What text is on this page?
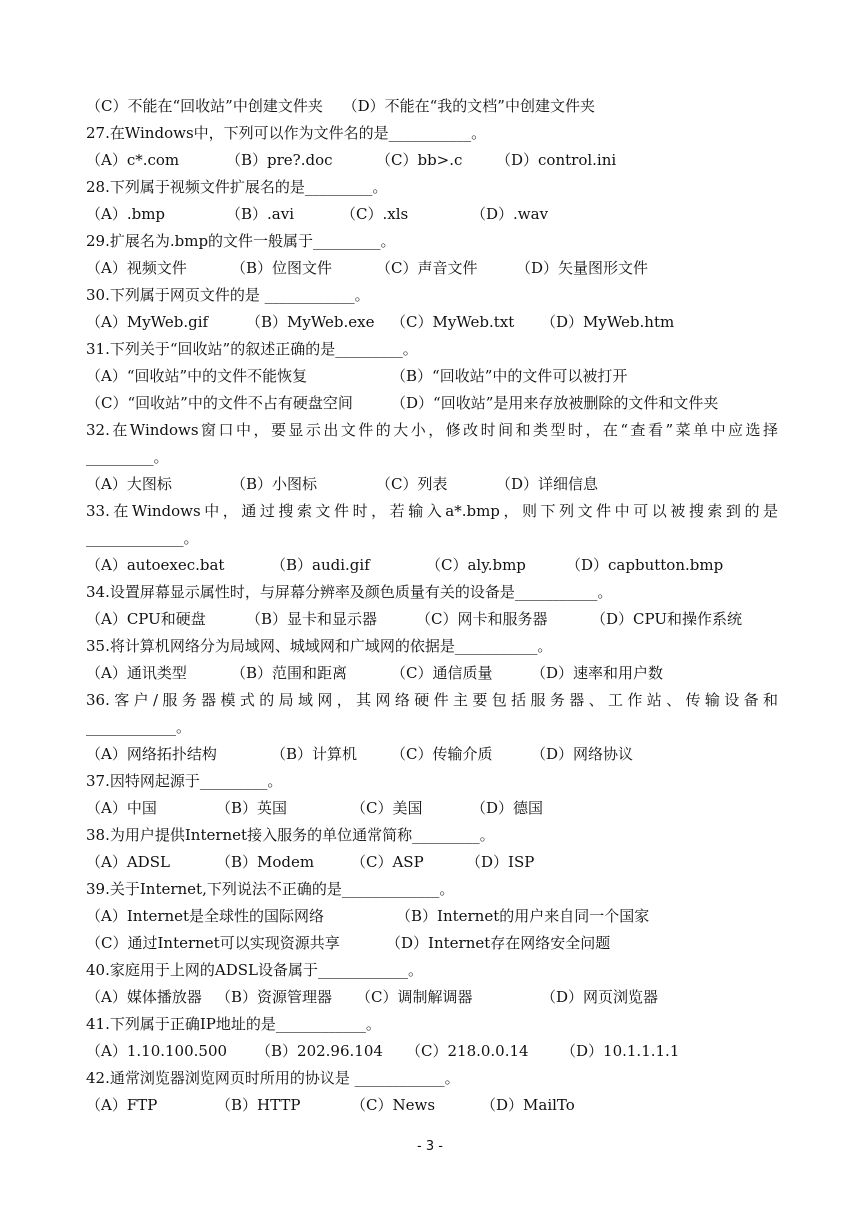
（C）不能在“回收站”中创建文件夹　 （D）不能在“我的文档”中创建文件夹
27.在Windows中，下列可以作为文件名的是___________。
（A）c*.com	（B）pre?.doc	（C）bb>.c （D）control.ini
28.下列属于视频文件扩展名的是_________。
（A）.bmp	（B）.avi	（C）.xls	（D）.wav
29.扩展名为.bmp的文件一般属于_________。
（A）视频文件	（B）位图文件	（C）声音文件	（D）矢量图形文件
30.下列属于网页文件的是 ____________。
（A）MyWeb.gif	（B）MyWeb.exe （C）MyWeb.txt （D）MyWeb.htm
31.下列关于“回收站”的叙述正确的是_________。
（A）“回收站”中的文件不能恢复	（B）“回收站”中的文件可以被打开
（C）“回收站”中的文件不占有硬盘空间	（D）“回收站”是用来存放被删除的文件和文件夹
32.在Windows窗口中，要显示出文件的大小，修改时间和类型时，在“查看”菜单中应选择
_________。
（A）大图标	（B）小图标	（C）列表	（D）详细信息
33.在Windows中，通过搜索文件时，若输入a*.bmp，则下列文件中可以被搜索到的是
_____________。
（A）autoexec.bat	（B）audi.gif	（C）aly.bmp	（D）capbutton.bmp
34.设置屏幕显示属性时，与屏幕分辨率及颜色质量有关的设备是___________。
（A）CPU和硬盘	（B）显卡和显示器	（C）网卡和服务器	（D）CPU和操作系统
35.将计算机网络分为局域网、城域网和广域网的依据是___________。
（A）通讯类型	（B）范围和距离	（C）通信质量	（D）速率和用户数
36.客户/服务器模式的局域网，其网络硬件主要包括服务器、工作站、传输设备和
____________。
（A）网络拓扑结构	（B）计算机 （C）传输介质	（D）网络协议
37.因特网起源于_________。
（A）中国	（B）英国	（C）美国	（D）德国
38.为用户提供Internet接入服务的单位通常简称_________。
（A）ADSL	（B）Modem （C）ASP	（D）ISP
39.关于Internet,下列说法不正确的是_____________。
（A）Internet是全球性的国际网络	（B）Internet的用户来自同一个国家
（C）通过Internet可以实现资源共享	（D）Internet存在网络安全问题
40.家庭用于上网的ADSL设备属于____________。
（A）媒体播放器 （B）资源管理器 （C）调制解调器	（D）网页浏览器
41.下列属于正确IP地址的是____________。
（A）1.10.100.500 （B）202.96.104 （C）218.0.0.14 （D）10.1.1.1.1
42.通常浏览器浏览网页时所用的协议是 ____________。
（A）FTP	（B）HTTP	（C）News	（D）MailTo
- 3 -
